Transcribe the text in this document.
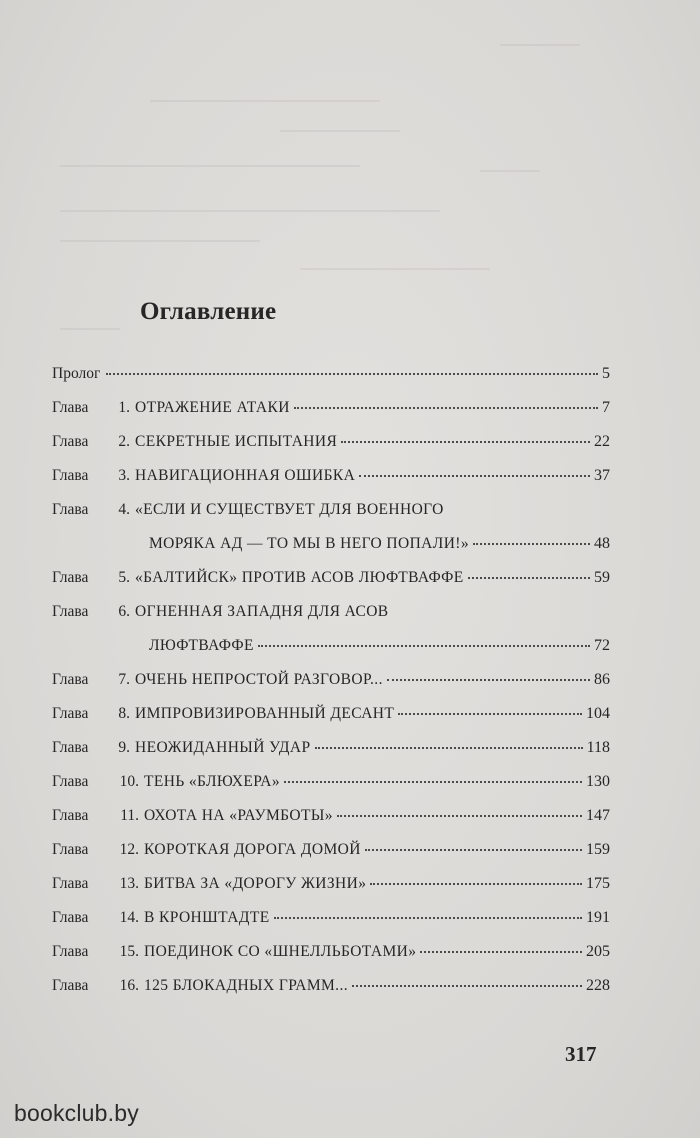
Оглавление
Пролог	5
Глава	1. ОТРАЖЕНИЕ АТАКИ	7
Глава	2. СЕКРЕТНЫЕ ИСПЫТАНИЯ	22
Глава	3. НАВИГАЦИОННАЯ ОШИБКА	37
Глава	4. «ЕСЛИ И СУЩЕСТВУЕТ ДЛЯ ВОЕННОГО
МОРЯКА АД — ТО МЫ В НЕГО ПОПАЛИ!»	48
Глава	5. «БАЛТИЙСК» ПРОТИВ АСОВ ЛЮФТВАФФЕ	59
Глава	6. ОГНЕННАЯ ЗАПАДНЯ ДЛЯ АСОВ
ЛЮФТВАФФЕ	72
Глава	7. ОЧЕНЬ НЕПРОСТОЙ РАЗГОВОР...	86
Глава	8. ИМПРОВИЗИРОВАННЫЙ ДЕСАНТ	104
Глава	9. НЕОЖИДАННЫЙ УДАР	118
Глава	10. ТЕНЬ «БЛЮХЕРА»	130
Глава	11. ОХОТА НА «РАУМБОТЫ»	147
Глава	12. КОРОТКАЯ ДОРОГА ДОМОЙ	159
Глава	13. БИТВА ЗА «ДОРОГУ ЖИЗНИ»	175
Глава	14. В КРОНШТАДТЕ	191
Глава	15. ПОЕДИНОК СО «ШНЕЛЛЬБОТАМИ»	205
Глава	16. 125 БЛОКАДНЫХ ГРАММ...	228
317
bookclub.by
